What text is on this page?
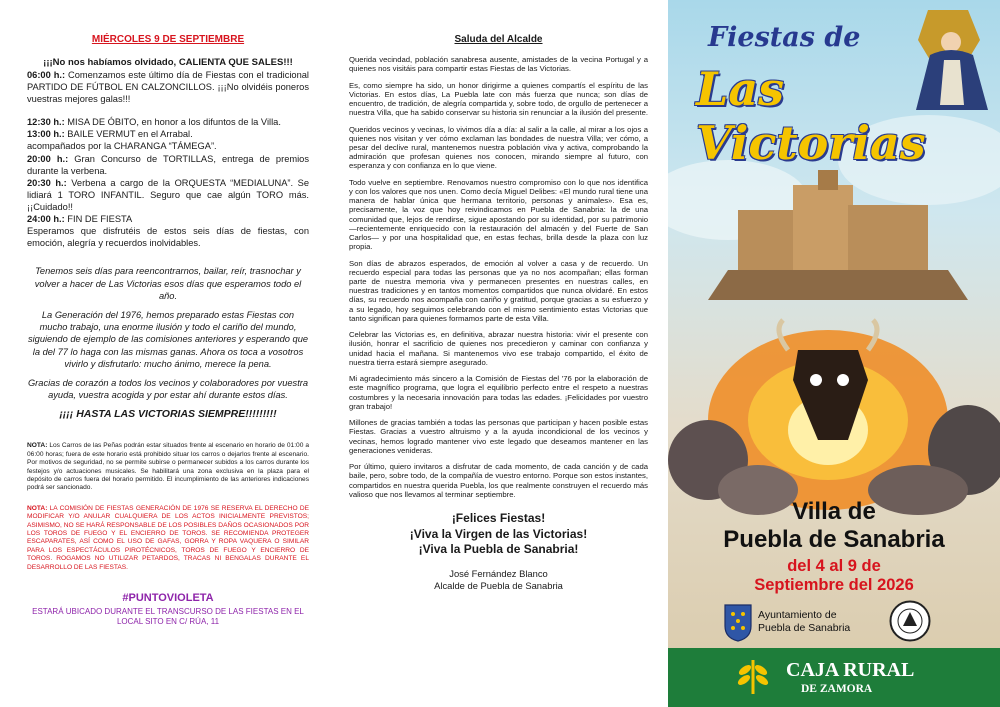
MIÉRCOLES 9 DE SEPTIEMBRE
¡¡¡No nos habíamos olvidado, CALIENTA QUE SALES!!!
06:00 h.: Comenzamos este último día de Fiestas con el tradicional PARTIDO DE FÚTBOL EN CALZONCILLOS. ¡¡¡No olvidéis poneros vuestras mejores galas!!!
12:30 h.: MISA DE ÓBITO, en honor a los difuntos de la Villa.
13:00 h.: BAILE VERMUT en el Arrabal.
acompañados por la CHARANGA “TÁMEGA”.
20:00 h.: Gran Concurso de TORTILLAS, entrega de premios durante la verbena.
20:30 h.: Verbena a cargo de la ORQUESTA “MEDIALUNA”. Se lidiará 1 TORO INFANTIL. Seguro que cae algún TORO más. ¡¡Cuidado!!
24:00 h.: FIN DE FIESTA
Esperamos que disfrutéis de estos seis días de fiestas, con emoción, alegría y recuerdos inolvidables.

Tenemos seis días para reencontrarnos, bailar, reír, trasnochar y volver a hacer de Las Victorias esos días que esperamos todo el año.

La Generación del 1976, hemos preparado estas Fiestas con mucho trabajo, una enorme ilusión y todo el cariño del mundo, siguiendo de ejemplo de las comisiones anteriores y esperando que la del 77 lo haga con las mismas ganas. Ahora os toca a vosotros vivirlo y disfrutarlo: mucho ánimo, merece la pena.

Gracias de corazón a todos los vecinos y colaboradores por vuestra ayuda, vuestra acogida y por estar ahí durante estos días.

¡¡¡¡ HASTA LAS VICTORIAS SIEMPRE!!!!!!!!!
NOTA: Los Carros de las Peñas podrán estar situados frente al escenario en horario de 01:00 a 06:00 horas; fuera de este horario está prohibido situar los carros o dejarlos frente al escenario. Por motivos de seguridad, no se permite subirse o permanecer subidos a los carros durante los festejos y/o actuaciones musicales. Se habilitará una zona exclusiva en la plaza para el depósito de carros fuera del horario permitido. El incumplimiento de las anteriores indicaciones podrá ser sancionado.
NOTA: LA COMISIÓN DE FIESTAS GENERACIÓN DE 1976 SE RESERVA EL DERECHO DE MODIFICAR Y/O ANULAR CUALQUIERA DE LOS ACTOS INICIALMENTE PREVISTOS; ASIMISMO, NO SE HARÁ RESPONSABLE DE LOS POSIBLES DAÑOS OCASIONADOS POR LOS TOROS DE FUEGO Y EL ENCIERRO DE TOROS. SE RECOMIENDA PROTEGER ESCAPARATES, ASÍ COMO EL USO DE GAFAS, GORRA Y ROPA VAQUERA O SIMILAR PARA LOS ESPECTÁCULOS PIROTÉCNICOS, TOROS DE FUEGO Y ENCIERRO DE TOROS. ROGAMOS NO UTILIZAR PETARDOS, TRACAS NI BENGALAS DURANTE EL DESARROLLO DE LAS FIESTAS.
#PUNTOVIOLETA
ESTARÁ UBICADO DURANTE EL TRANSCURSO DE LAS FIESTAS EN EL LOCAL SITO EN C/ RÚA, 11
Saluda del Alcalde

Querida vecindad, población sanabresa ausente, amistades de la vecina Portugal y a quienes nos visitáis para compartir estas Fiestas de las Victorias.

Es, como siempre ha sido, un honor dirigirme a quienes compartís el espíritu de las Victorias. En estos días, La Puebla late con más fuerza que nunca; son días de encuentro, de tradición, de alegría compartida y, sobre todo, de orgullo de pertenecer a nuestra Villa, que ha sabido conservar su historia sin renunciar a la ilusión del presente.

Queridos vecinos y vecinas, lo vivimos día a día: al salir a la calle, al mirar a los ojos a quienes nos visitan y ver cómo exclaman las bondades de nuestra Villa; ver cómo, a pesar del declive rural, mantenemos nuestra población viva y activa, comprobando la admiración que profesan quienes nos conocen, mirando siempre al futuro, con esperanza y con confianza en lo que viene.

Todo vuelve en septiembre. Renovamos nuestro compromiso con lo que nos identifica y con los valores que nos unen. Como decía Miguel Delibes: «El mundo rural tiene una manera de hablar única que hermana territorio, personas y animales». Esa es, precisamente, la voz que hoy reivindicamos en Puebla de Sanabria: la de una comunidad que, lejos de rendirse, sigue apostando por su identidad, por su patrimonio —recientemente enriquecido con la restauración del almacén y del Fuerte de San Carlos— y por una hospitalidad que, en estas fechas, brilla desde la plaza con luz propia.

Son días de abrazos esperados, de emoción al volver a casa y de recuerdo. Un recuerdo especial para todas las personas que ya no nos acompañan; ellas forman parte de nuestra memoria viva y permanecen presentes en nuestras calles, en nuestras tradiciones y en tantos momentos compartidos que nunca olvidaré. En estos días, su recuerdo nos acompaña con cariño y gratitud, porque gracias a su esfuerzo y a su legado, hoy seguimos celebrando con el mismo sentimiento estas Victorias que tanto significan para quienes formamos parte de esta Villa.

Celebrar las Victorias es, en definitiva, abrazar nuestra historia: vivir el presente con ilusión, honrar el sacrificio de quienes nos precedieron y caminar con confianza y unidad hacia el mañana. Si mantenemos vivo ese trabajo compartido, el éxito de nuestra tierra estará siempre asegurado.

Mi agradecimiento más sincero a la Comisión de Fiestas del '76 por la elaboración de este magnífico programa, que logra el equilibrio perfecto entre el respeto a nuestras costumbres y la necesaria innovación para todas las edades. ¡Felicidades por vuestro gran trabajo!

Millones de gracias también a todas las personas que participan y hacen posible estas Fiestas. Gracias a vuestro altruismo y a la ayuda incondicional de los vecinos y vecinas, hemos logrado mantener vivo este legado que deseamos mantener en las generaciones venideras.

Por último, quiero invitaros a disfrutar de cada momento, de cada canción y de cada baile, pero, sobre todo, de la compañía de vuestro entorno. Porque son estos instantes, compartidos en nuestra querida Puebla, los que realmente construyen el recuerdo más valioso que nos llevamos al terminar septiembre.

¡Felices Fiestas!
¡Viva la Virgen de las Victorias!
¡Viva la Puebla de Sanabria!
José Fernández Blanco
Alcalde de Puebla de Sanabria
Fiestas de
Las Victorias
Villa de
Puebla de Sanabria
del 4 al 9 de
Septiembre del 2026
Ayuntamiento de
Puebla de Sanabria
CAJA RURAL
DE ZAMORA
